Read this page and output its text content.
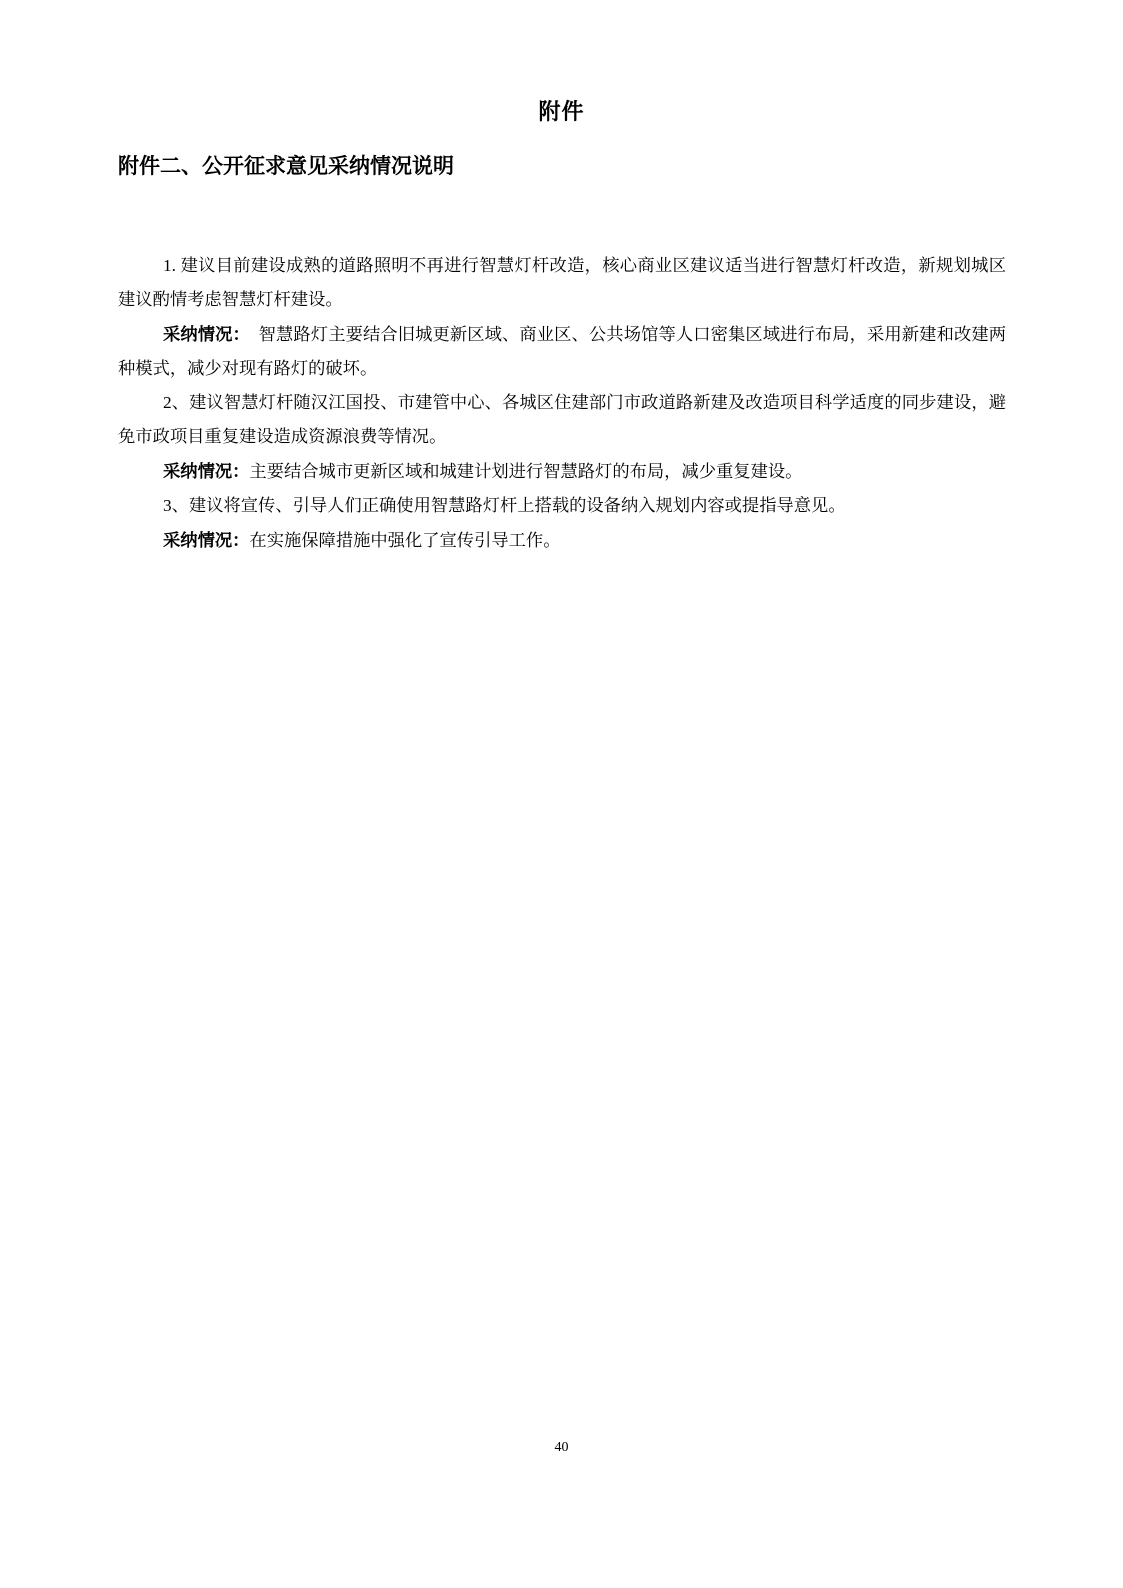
附件
附件二、公开征求意见采纳情况说明

1. 建议目前建设成熟的道路照明不再进行智慧灯杆改造，核心商业区建议适当进行智慧灯杆改造，新规划城区建议酌情考虑智慧灯杆建设。

采纳情况：　智慧路灯主要结合旧城更新区域、商业区、公共场馆等人口密集区域进行布局，采用新建和改建两种模式，减少对现有路灯的破坏。

2、建议智慧灯杆随汉江国投、市建管中心、各城区住建部门市政道路新建及改造项目科学适度的同步建设，避免市政项目重复建设造成资源浪费等情况。

采纳情况：主要结合城市更新区域和城建计划进行智慧路灯的布局，减少重复建设。

3、建议将宣传、引导人们正确使用智慧路灯杆上搭载的设备纳入规划内容或提指导意见。

采纳情况：在实施保障措施中强化了宣传引导工作。

40
